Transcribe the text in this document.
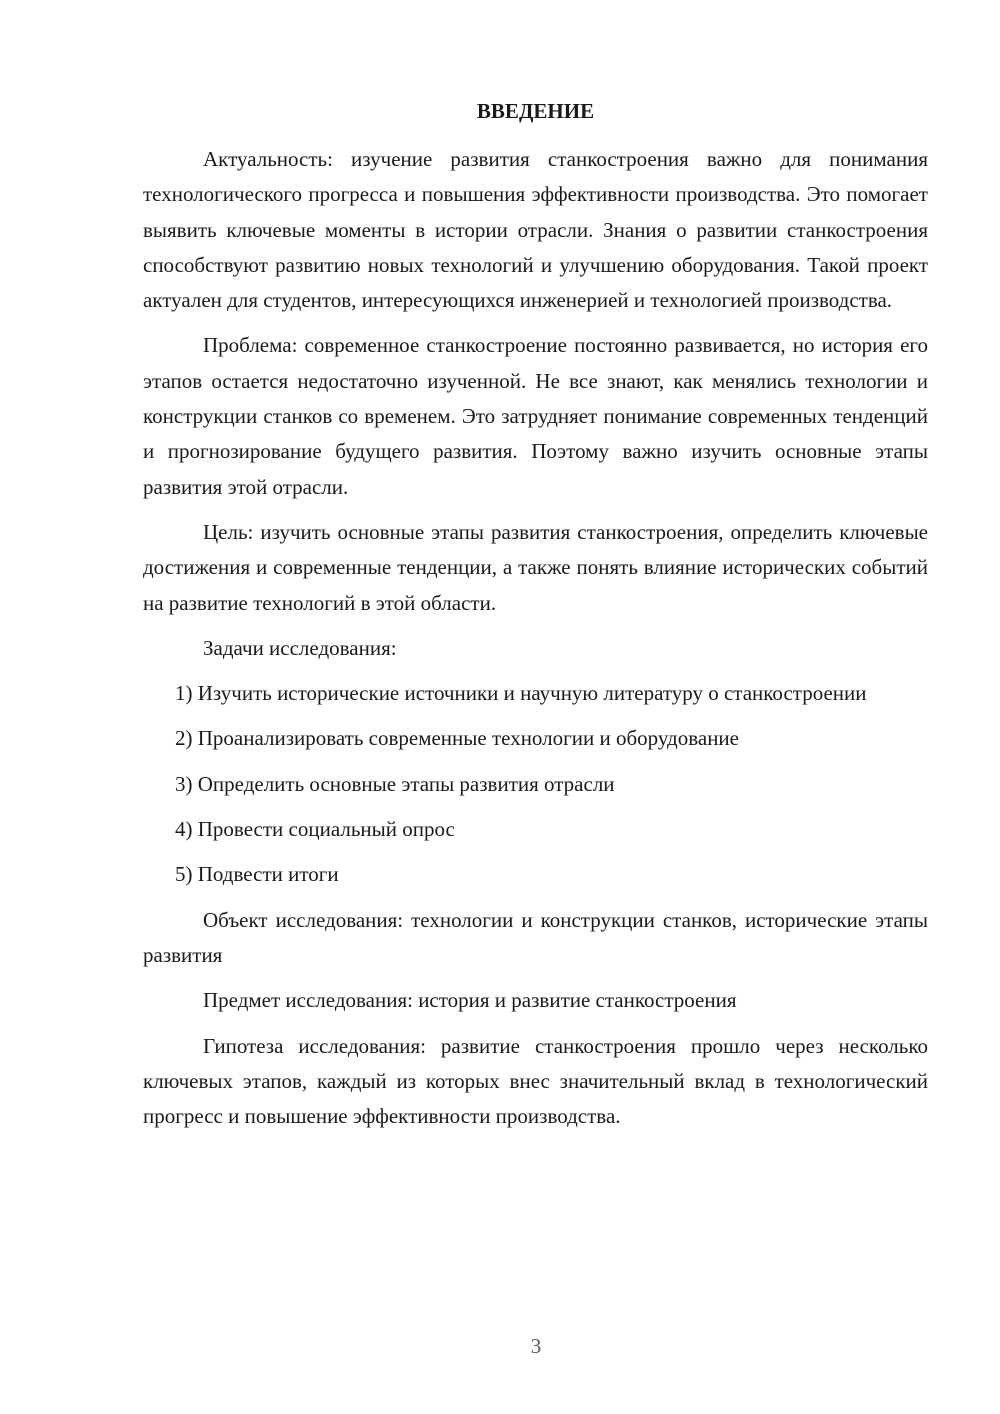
ВВЕДЕНИЕ

Актуальность: изучение развития станкостроения важно для понимания технологического прогресса и повышения эффективности производства. Это помогает выявить ключевые моменты в истории отрасли. Знания о развитии станкостроения способствуют развитию новых технологий и улучшению оборудования. Такой проект актуален для студентов, интересующихся инженерией и технологией производства.

Проблема: современное станкостроение постоянно развивается, но история его этапов остается недостаточно изученной. Не все знают, как менялись технологии и конструкции станков со временем. Это затрудняет понимание современных тенденций и прогнозирование будущего развития. Поэтому важно изучить основные этапы развития этой отрасли.

Цель: изучить основные этапы развития станкостроения, определить ключевые достижения и современные тенденции, а также понять влияние исторических событий на развитие технологий в этой области.

Задачи исследования:

1) Изучить исторические источники и научную литературу о станкостроении

2) Проанализировать современные технологии и оборудование

3) Определить основные этапы развития отрасли

4) Провести социальный опрос

5) Подвести итоги

Объект исследования: технологии и конструкции станков, исторические этапы развития

Предмет исследования: история и развитие станкостроения

Гипотеза исследования: развитие станкостроения прошло через несколько ключевых этапов, каждый из которых внес значительный вклад в технологический прогресс и повышение эффективности производства.

3
